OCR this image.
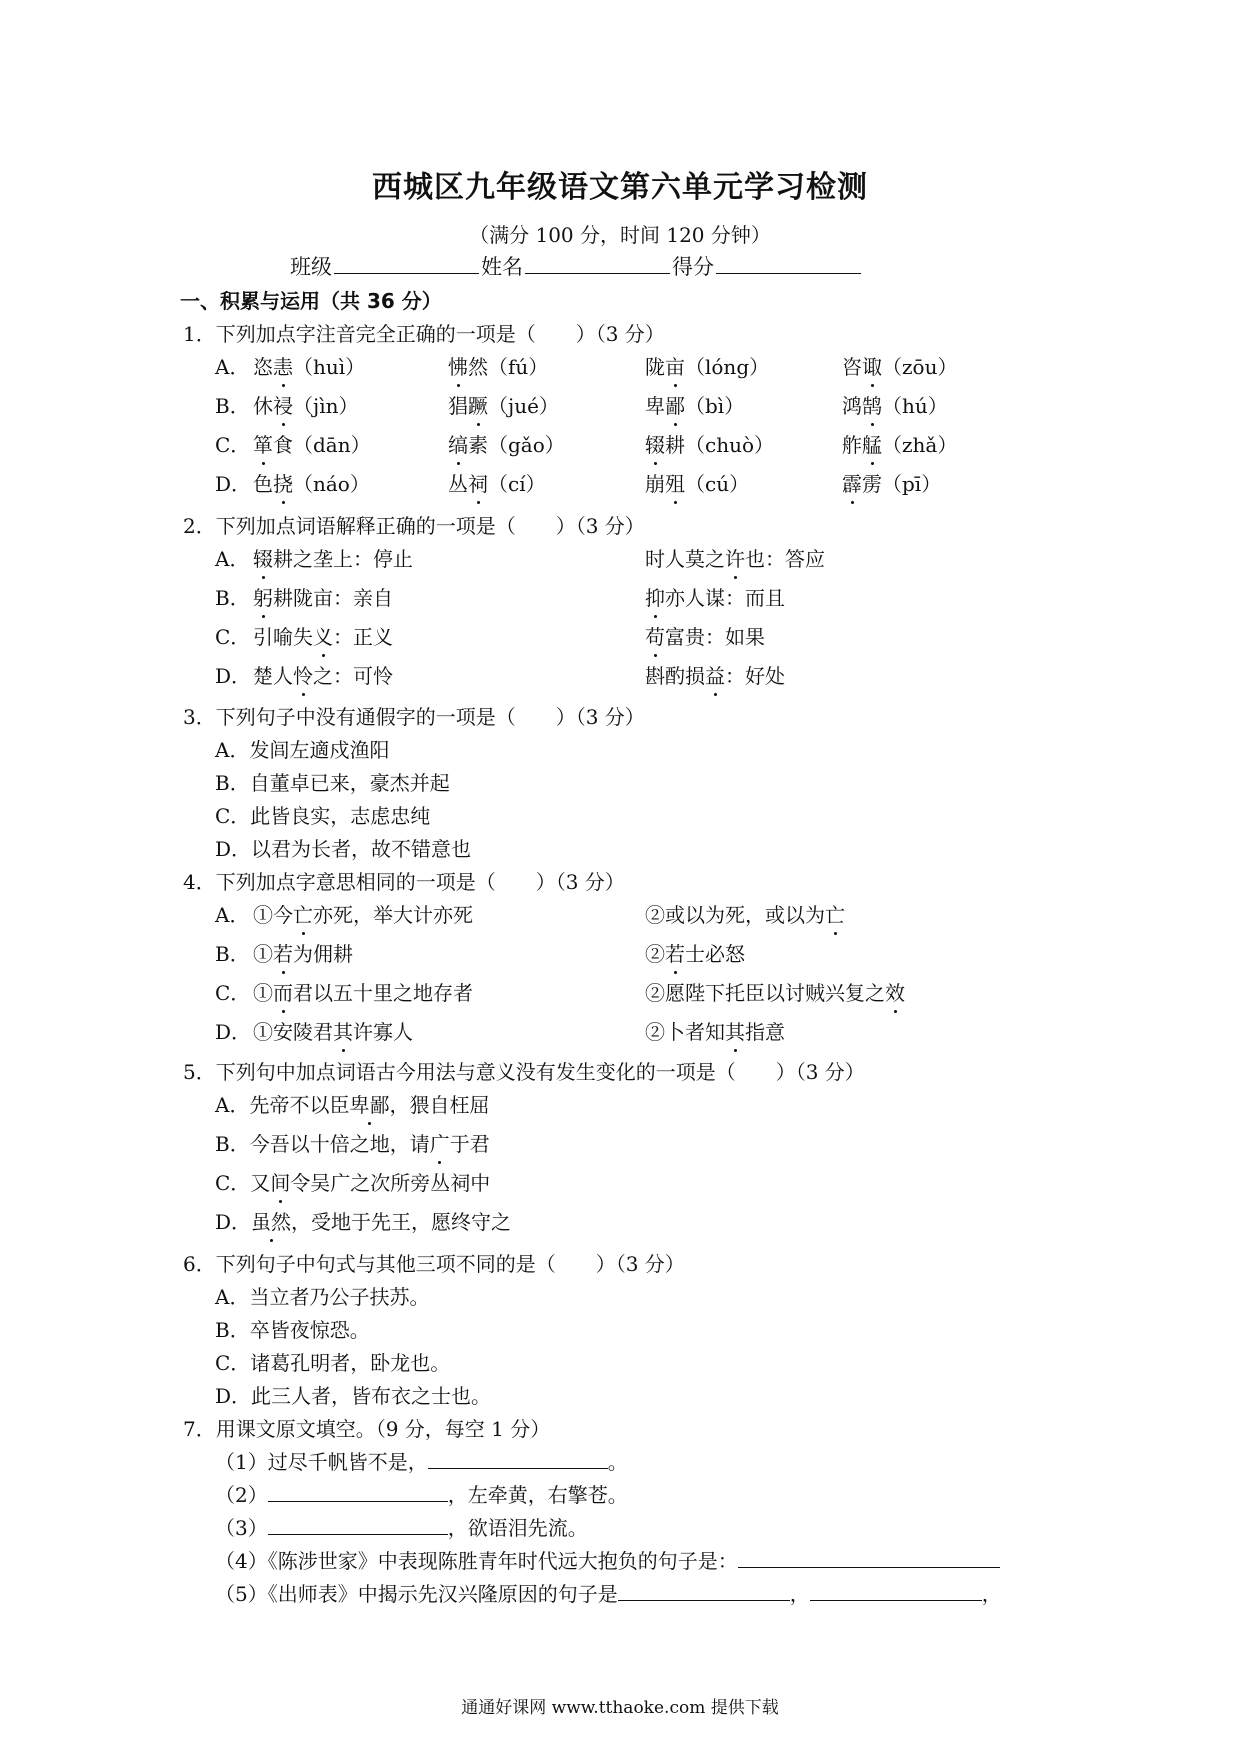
西城区九年级语文第六单元学习检测
（满分 100 分，时间 120 分钟）
班级	姓名	得分
一、积累与运用（共 36 分）
1．下列加点字注音完全正确的一项是（　　）（3 分）
A． 恣恚（huì）	怫然（fú）	陇亩（lóng）	咨诹（zōu）
B． 休祲（jìn）	猖蹶（jué）	卑鄙（bì）	鸿鹄（hú）
C． 箪食（dān）	缟素（gǎo）	辍耕（chuò）	舴艋（zhǎ）
D． 色挠（náo）	丛祠（cí）	崩殂（cú）	霹雳（pī）
2．下列加点词语解释正确的一项是（　　）（3 分）
A． 辍耕之垄上：停止	时人莫之许也：答应
B． 躬耕陇亩：亲自	抑亦人谋：而且
C． 引喻失义：正义	苟富贵：如果
D． 楚人怜之：可怜	斟酌损益：好处
3．下列句子中没有通假字的一项是（　　）（3 分）
A．发闾左適戍渔阳
B．自董卓已来，豪杰并起
C．此皆良实，志虑忠纯
D．以君为长者，故不错意也
4．下列加点字意思相同的一项是（　　）（3 分）
A． ①今亡亦死，举大计亦死	②或以为死，或以为亡
B． ①若为佣耕	②若士必怒
C． ①而君以五十里之地存者	②愿陛下托臣以讨贼兴复之效
D． ①安陵君其许寡人	②卜者知其指意
5．下列句中加点词语古今用法与意义没有发生变化的一项是（　　）（3 分）
A．先帝不以臣卑鄙，猥自枉屈
B．今吾以十倍之地，请广于君
C．又间令吴广之次所旁丛祠中
D．虽然，受地于先王，愿终守之
6．下列句子中句式与其他三项不同的是（　　）（3 分）
A．当立者乃公子扶苏。
B．卒皆夜惊恐。
C．诸葛孔明者，卧龙也。
D．此三人者，皆布衣之士也。
7．用课文原文填空。（9 分，每空 1 分）
（1）过尽千帆皆不是，	。
（2）	，左牵黄，右擎苍。
（3）	，欲语泪先流。
（4）《陈涉世家》中表现陈胜青年时代远大抱负的句子是：
（5）《出师表》中揭示先汉兴隆原因的句子是	，	，
通通好课网 www.tthaoke.com 提供下载
